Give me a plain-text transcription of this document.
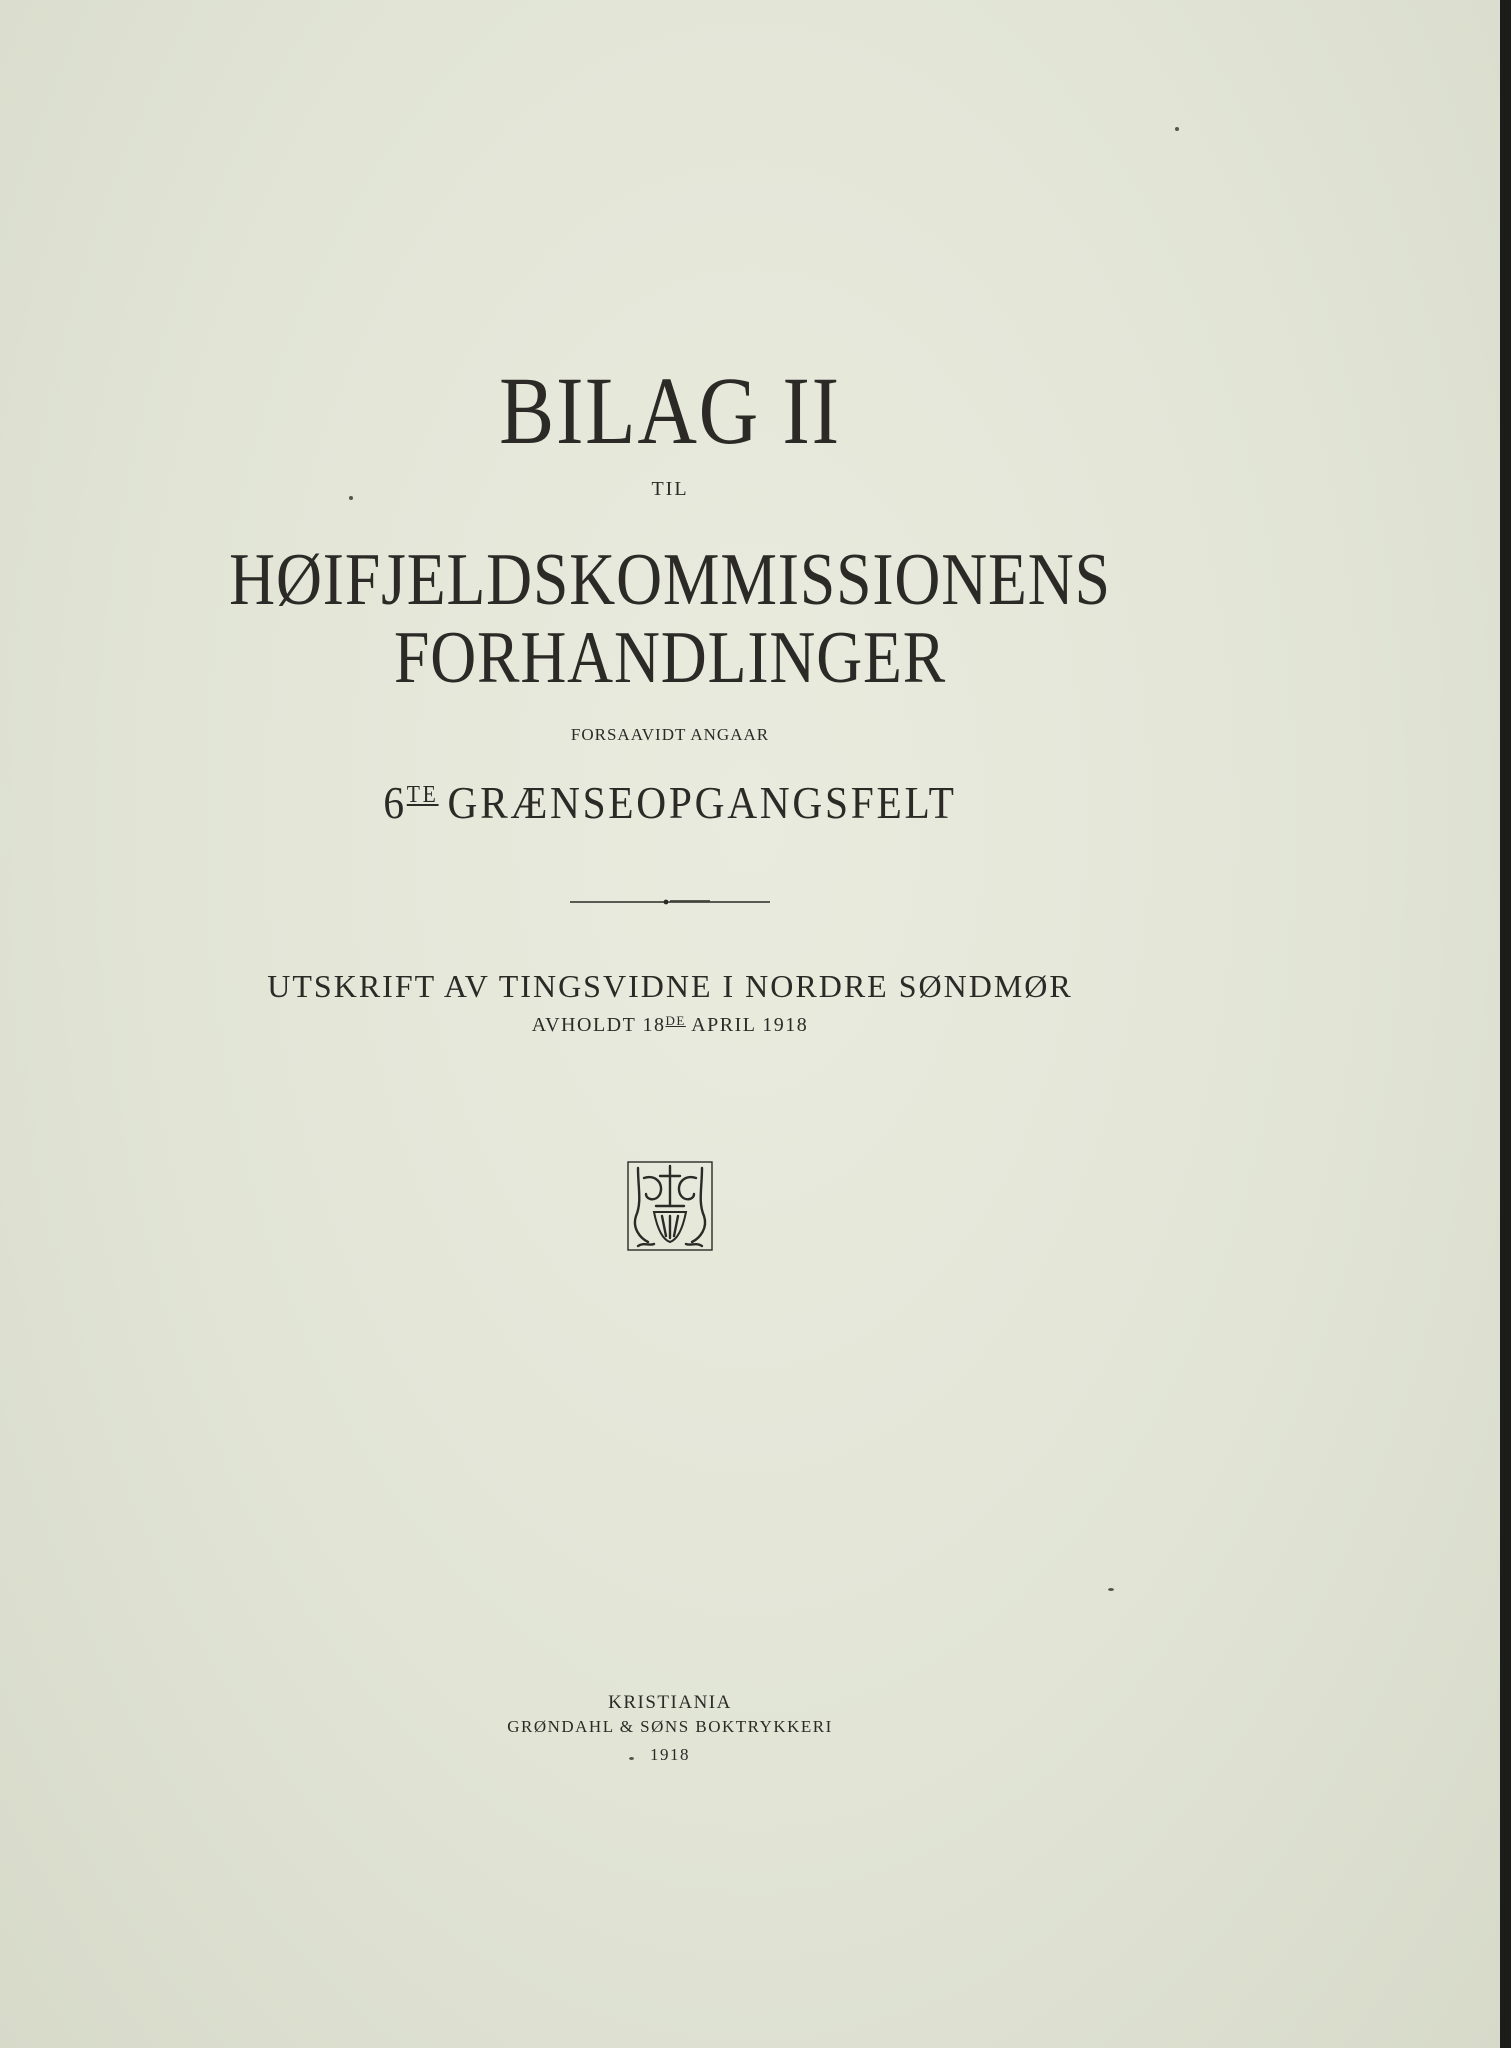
BILAG II
TIL
HØIFJELDSKOMMISSIONENS
FORHANDLINGER
FORSAAVIDT ANGAAR
$6^{TE}$ GRÆNSEOPGANGSFELT
UTSKRIFT AV TINGSVIDNE I NORDRE SØNDMØR
AVHOLDT 18DE APRIL 1918
KRISTIANIA
GRØNDAHL & SØNS BOKTRYKKERI
1918
